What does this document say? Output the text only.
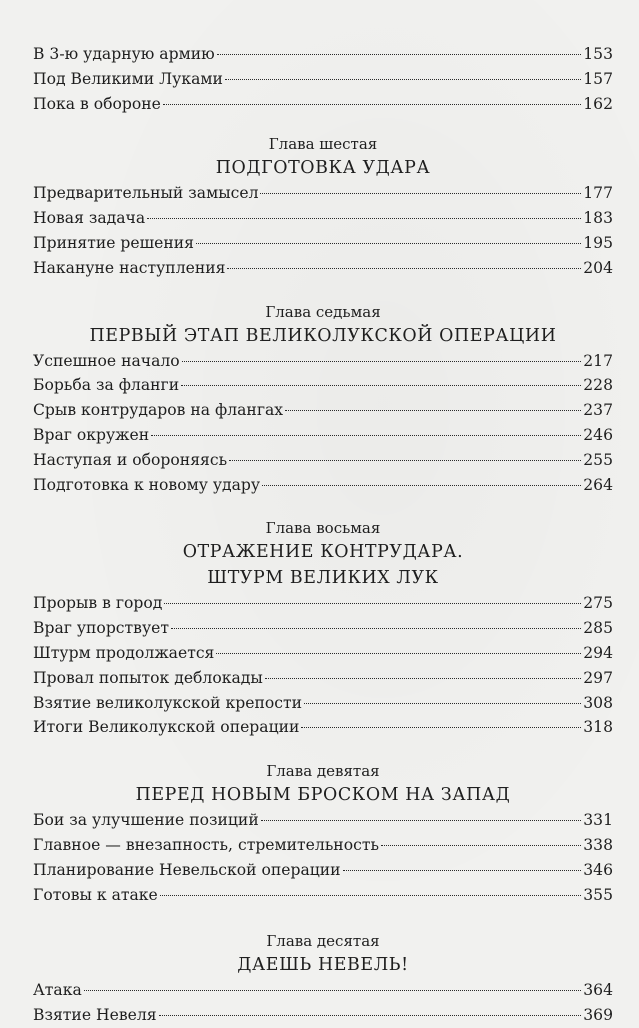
В 3-ю ударную армию	153
Под Великими Луками	157
Пока в обороне	162
Глава шестая
ПОДГОТОВКА УДАРА
Предварительный замысел	177
Новая задача	183
Принятие решения	195
Накануне наступления	204
Глава седьмая
ПЕРВЫЙ ЭТАП ВЕЛИКОЛУКСКОЙ ОПЕРАЦИИ
Успешное начало	217
Борьба за фланги	228
Срыв контрударов на флангах	237
Враг окружен	246
Наступая и обороняясь	255
Подготовка к новому удару	264
Глава восьмая
ОТРАЖЕНИЕ КОНТРУДАРА.
ШТУРМ ВЕЛИКИХ ЛУК
Прорыв в город	275
Враг упорствует	285
Штурм продолжается	294
Провал попыток деблокады	297
Взятие великолукской крепости	308
Итоги Великолукской операции	318
Глава девятая
ПЕРЕД НОВЫМ БРОСКОМ НА ЗАПАД
Бои за улучшение позиций	331
Главное — внезапность, стремительность	338
Планирование Невельской операции	346
Готовы к атаке	355
Глава десятая
ДАЕШЬ НЕВЕЛЬ!
Атака	364
Взятие Невеля	369
